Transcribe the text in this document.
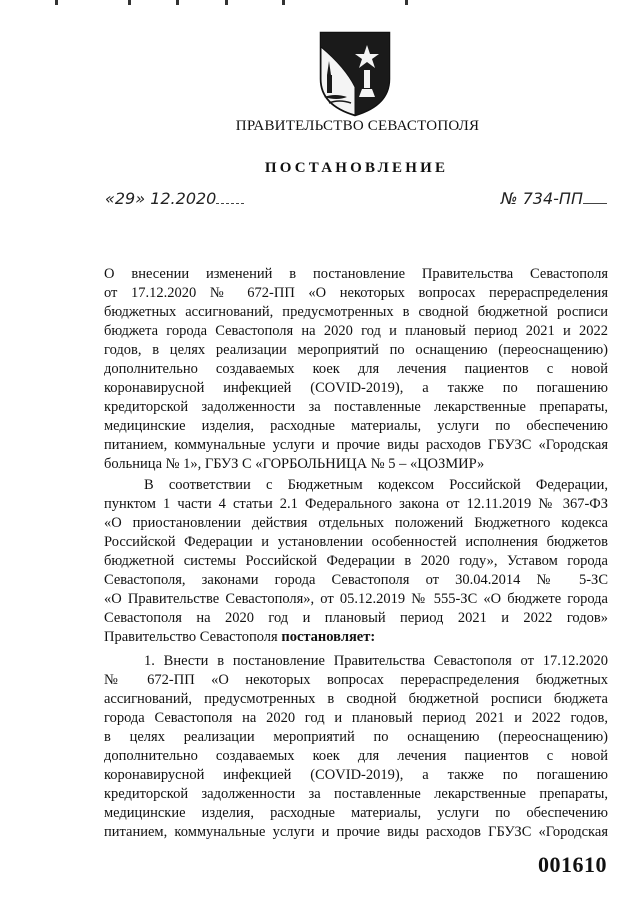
ПРАВИТЕЛЬСТВО СЕВАСТОПОЛЯ
ПОСТАНОВЛЕНИЕ
«29» 12.2020	№ 734-ПП
О внесении изменений в постановление Правительства Севастополя
от 17.12.2020 № 672-ПП «О некоторых вопросах перераспределения
бюджетных ассигнований, предусмотренных в сводной бюджетной росписи
бюджета города Севастополя на 2020 год и плановый период 2021 и 2022
годов, в целях реализации мероприятий по оснащению (переоснащению)
дополнительно создаваемых коек для лечения пациентов с новой
коронавирусной инфекцией (COVID-2019), а также по погашению
кредиторской задолженности за поставленные лекарственные препараты,
медицинские изделия, расходные материалы, услуги по обеспечению
питанием, коммунальные услуги и прочие виды расходов ГБУЗС «Городская
больница № 1», ГБУЗ С «ГОРБОЛЬНИЦА № 5 – «ЦОЗМИР»
В соответствии с Бюджетным кодексом Российской Федерации,
пунктом 1 части 4 статьи 2.1 Федерального закона от 12.11.2019 № 367-ФЗ
«О приостановлении действия отдельных положений Бюджетного кодекса
Российской Федерации и установлении особенностей исполнения бюджетов
бюджетной системы Российской Федерации в 2020 году», Уставом города
Севастополя, законами города Севастополя от 30.04.2014 № 5-ЗС
«О Правительстве Севастополя», от 05.12.2019 № 555-ЗС «О бюджете города
Севастополя на 2020 год и плановый период 2021 и 2022 годов»
Правительство Севастополя постановляет:
1. Внести в постановление Правительства Севастополя от 17.12.2020
№ 672-ПП «О некоторых вопросах перераспределения бюджетных
ассигнований, предусмотренных в сводной бюджетной росписи бюджета
города Севастополя на 2020 год и плановый период 2021 и 2022 годов,
в целях реализации мероприятий по оснащению (переоснащению)
дополнительно создаваемых коек для лечения пациентов с новой
коронавирусной инфекцией (COVID-2019), а также по погашению
кредиторской задолженности за поставленные лекарственные препараты,
медицинские изделия, расходные материалы, услуги по обеспечению
питанием, коммунальные услуги и прочие виды расходов ГБУЗС «Городская
001610
